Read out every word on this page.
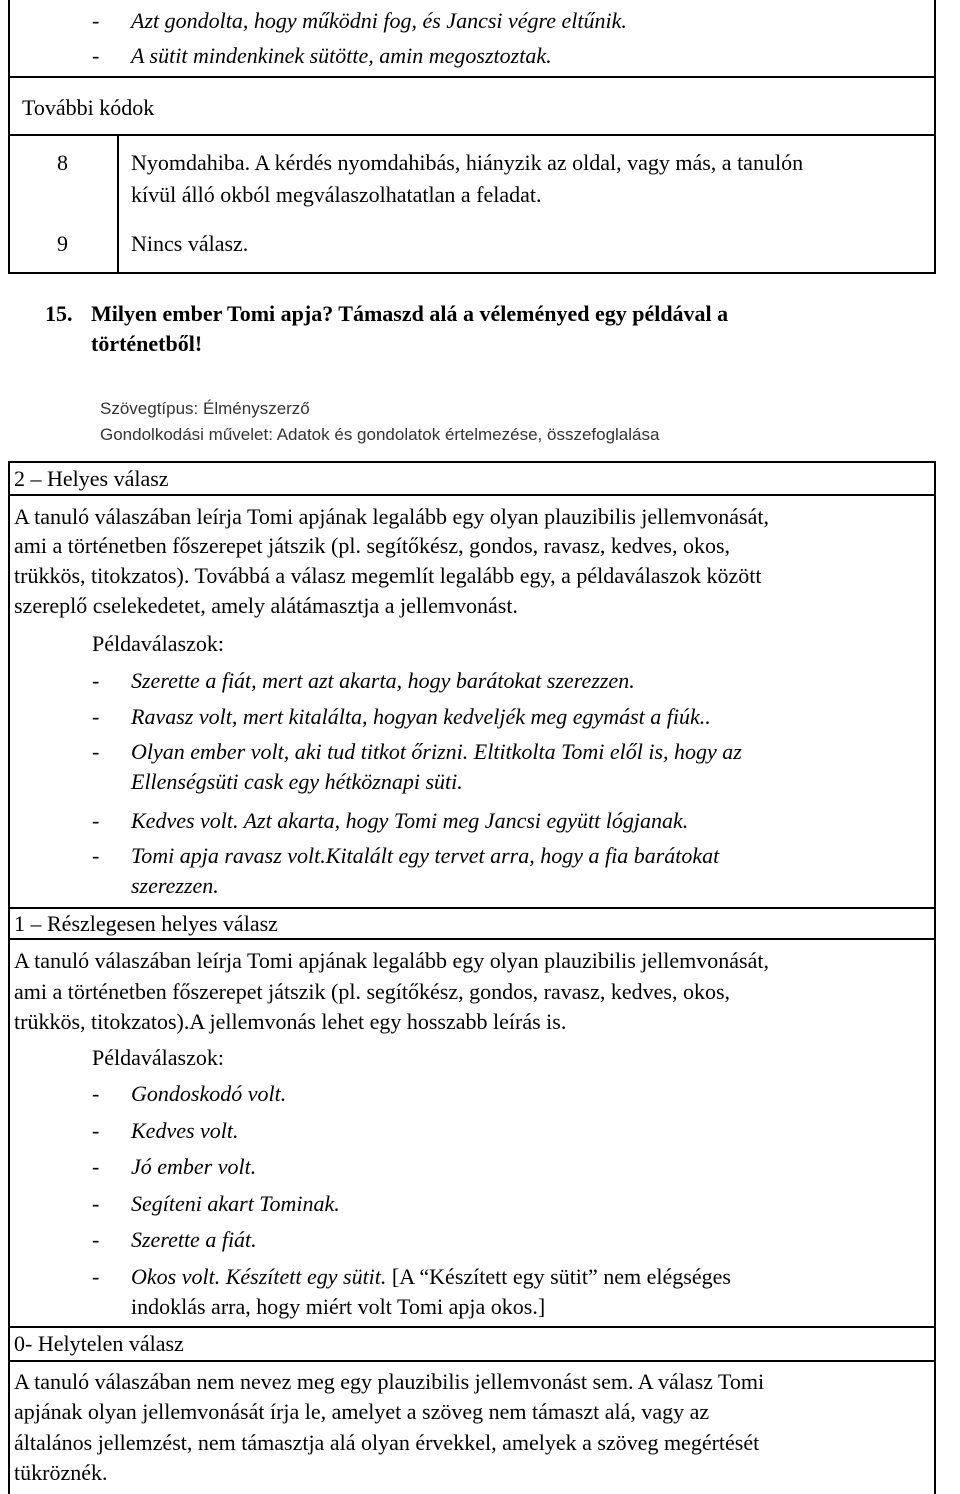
- Azt gondolta, hogy működni fog, és Jancsi végre eltűnik.
- A sütit mindenkinek sütötte, amin megosztoztak.
További kódok
8	Nyomdahiba. A kérdés nyomdahibás, hiányzik az oldal, vagy más, a tanulón
kívül álló okból megválaszolhatatlan a feladat.
9	Nincs válasz.
15. Milyen ember Tomi apja? Támaszd alá a véleményed egy példával a
történetből!
Szövegtípus: Élményszerző
Gondolkodási művelet: Adatok és gondolatok értelmezése, összefoglalása
2 – Helyes válasz
A tanuló válaszában leírja Tomi apjának legalább egy olyan plauzibilis jellemvonását,
ami a történetben főszerepet játszik (pl. segítőkész, gondos, ravasz, kedves, okos,
trükkös, titokzatos). Továbbá a válasz megemlít legalább egy, a példaválaszok között
szereplő cselekedetet, amely alátámasztja a jellemvonást.
Példaválaszok:
- Szerette a fiát, mert azt akarta, hogy barátokat szerezzen.
- Ravasz volt, mert kitalálta, hogyan kedveljék meg egymást a fiúk..
- Olyan ember volt, aki tud titkot őrizni. Eltitkolta Tomi elől is, hogy az
Ellenségsüti cask egy hétköznapi süti.
- Kedves volt. Azt akarta, hogy Tomi meg Jancsi együtt lógjanak.
- Tomi apja ravasz volt.Kitalált egy tervet arra, hogy a fia barátokat
szerezzen.
1 – Részlegesen helyes válasz
A tanuló válaszában leírja Tomi apjának legalább egy olyan plauzibilis jellemvonását,
ami a történetben főszerepet játszik (pl. segítőkész, gondos, ravasz, kedves, okos,
trükkös, titokzatos).A jellemvonás lehet egy hosszabb leírás is.
Példaválaszok:
- Gondoskodó volt.
- Kedves volt.
- Jó ember volt.
- Segíteni akart Tominak.
- Szerette a fiát.
- Okos volt. Készített egy sütit. [A “Készített egy sütit” nem elégséges
indoklás arra, hogy miért volt Tomi apja okos.]
0- Helytelen válasz
A tanuló válaszában nem nevez meg egy plauzibilis jellemvonást sem. A válasz Tomi
apjának olyan jellemvonását írja le, amelyet a szöveg nem támaszt alá, vagy az
általános jellemzést, nem támasztja alá olyan érvekkel, amelyek a szöveg megértését
tükröznék.
